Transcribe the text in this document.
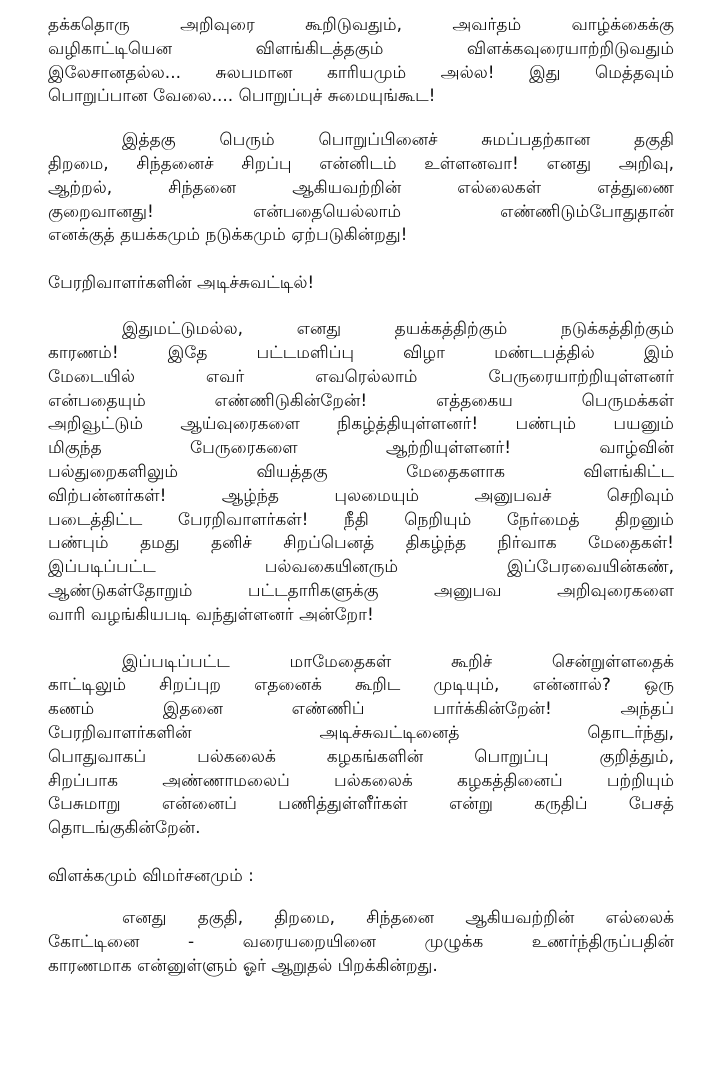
தக்கதொரு அறிவுரை கூறிடுவதும், அவர்தம் வாழ்க்கைக்கு
வழிகாட்டியென விளங்கிடத்தகும் விளக்கவுரையாற்றிடுவதும்
இலேசானதல்ல... சுலபமான காரியமும் அல்ல! இது மெத்தவும்
பொறுப்பான வேலை.... பொறுப்புச் சுமையுங்கூட!
இத்தகு பெரும் பொறுப்பினைச் சுமப்பதற்கான தகுதி
திறமை, சிந்தனைச் சிறப்பு என்னிடம் உள்ளனவா! எனது அறிவு,
ஆற்றல், சிந்தனை ஆகியவற்றின் எல்லைகள் எத்துணை
குறைவானது! என்பதையெல்லாம் எண்ணிடும்போதுதான்
எனக்குத் தயக்கமும் நடுக்கமும் ஏற்படுகின்றது!
பேரறிவாளர்களின் அடிச்சுவட்டில்!
இதுமட்டுமல்ல, எனது தயக்கத்திற்கும் நடுக்கத்திற்கும்
காரணம்! இதே பட்டமளிப்பு விழா மண்டபத்தில் இம்
மேடையில் எவர் எவரெல்லாம் பேருரையாற்றியுள்ளனர்
என்பதையும் எண்ணிடுகின்றேன்! எத்தகைய பெருமக்கள்
அறிவூட்டும் ஆய்வுரைகளை நிகழ்த்தியுள்ளனர்! பண்பும் பயனும்
மிகுந்த பேருரைகளை ஆற்றியுள்ளனர்! வாழ்வின்
பல்துறைகளிலும் வியத்தகு மேதைகளாக விளங்கிட்ட
விற்பன்னர்கள்! ஆழ்ந்த புலமையும் அனுபவச் செறிவும்
படைத்திட்ட பேரறிவாளர்கள்! நீதி நெறியும் நேர்மைத் திறனும்
பண்பும் தமது தனிச் சிறப்பெனத் திகழ்ந்த நிர்வாக மேதைகள்!
இப்படிப்பட்ட பல்வகையினரும் இப்பேரவையின்கண்,
ஆண்டுகள்தோறும் பட்டதாரிகளுக்கு அனுபவ அறிவுரைகளை
வாரி வழங்கியபடி வந்துள்ளனர் அன்றோ!
இப்படிப்பட்ட மாமேதைகள் கூறிச் சென்றுள்ளதைக்
காட்டிலும் சிறப்புற எதனைக் கூறிட முடியும், என்னால்? ஒரு
கணம் இதனை எண்ணிப் பார்க்கின்றேன்! அந்தப்
பேரறிவாளர்களின் அடிச்சுவட்டினைத் தொடர்ந்து,
பொதுவாகப் பல்கலைக் கழகங்களின் பொறுப்பு குறித்தும்,
சிறப்பாக அண்ணாமலைப் பல்கலைக் கழகத்தினைப் பற்றியும்
பேசுமாறு என்னைப் பணித்துள்ளீர்கள் என்று கருதிப் பேசத்
தொடங்குகின்றேன்.
விளக்கமும் விமர்சனமும் :
எனது தகுதி, திறமை, சிந்தனை ஆகியவற்றின் எல்லைக்
கோட்டினை - வரையறையினை முழுக்க உணர்ந்திருப்பதின்
காரணமாக என்னுள்ளும் ஓர் ஆறுதல் பிறக்கின்றது.
